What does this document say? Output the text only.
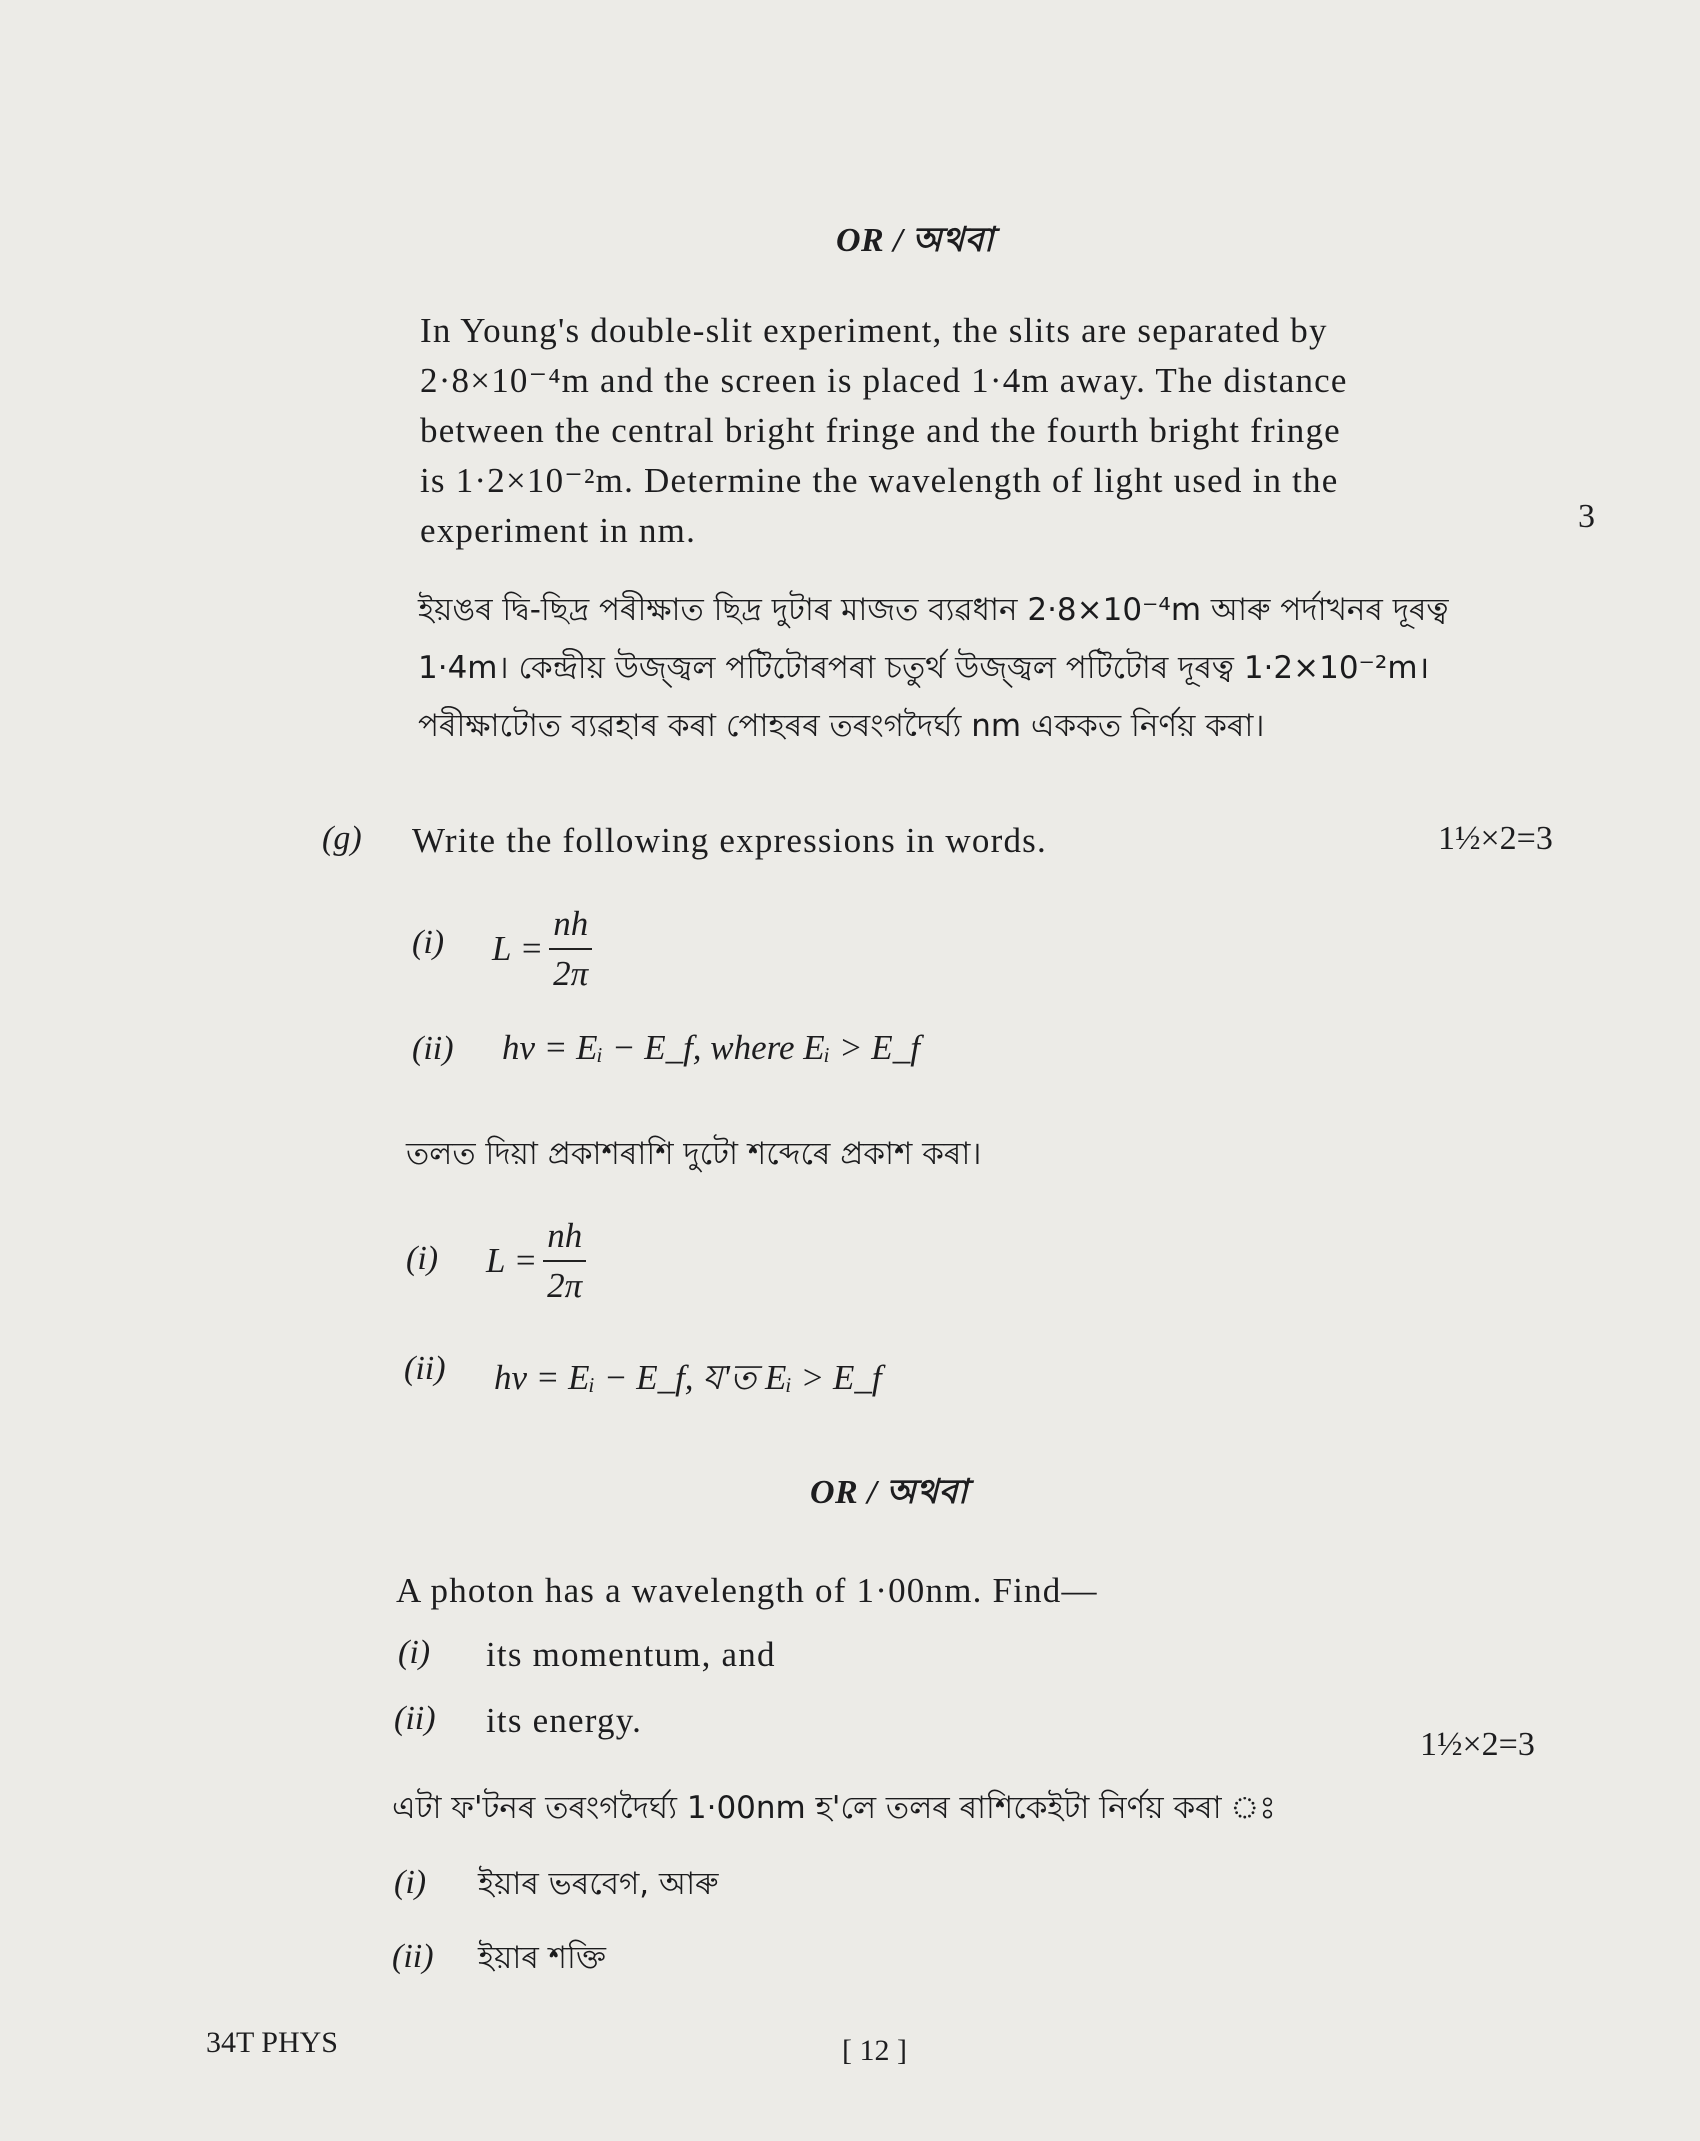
OR / অথবা
In Young's double-slit experiment, the slits are separated by
2·8×10⁻⁴m and the screen is placed 1·4m away. The distance
between the central bright fringe and the fourth bright fringe
is 1·2×10⁻²m. Determine the wavelength of light used in the
experiment in nm.	3
ইয়ঙৰ দ্বি-ছিদ্র পৰীক্ষাত ছিদ্র দুটাৰ মাজত ব্যৱধান 2·8×10⁻⁴m আৰু পৰ্দাখনৰ দূৰত্ব
1·4m। কেন্দ্ৰীয় উজ্জ্বল পটিটোৰপৰা চতুৰ্থ উজ্জ্বল পটিটোৰ দূৰত্ব 1·2×10⁻²m।
পৰীক্ষাটোত ব্যৱহাৰ কৰা পোহৰৰ তৰংগদৈৰ্ঘ্য nm এককত নিৰ্ণয় কৰা।
(g) Write the following expressions in words.	1½×2=3
(i) $L = \frac{nh}{2\pi}$
(ii) hν = Eᵢ − E_f, where Eᵢ > E_f
তলত দিয়া প্ৰকাশৰাশি দুটো শব্দেৰে প্ৰকাশ কৰা।
(i) $L = \frac{nh}{2\pi}$
(ii) hν = Eᵢ − E_f, য'ত Eᵢ > E_f
OR / অথবা
A photon has a wavelength of 1·00nm. Find—
(i) its momentum, and
(ii) its energy.
1½×2=3
এটা ফ'টনৰ তৰংগদৈৰ্ঘ্য 1·00nm হ'লে তলৰ ৰাশিকেইটা নিৰ্ণয় কৰা ঃ
(i) ইয়াৰ ভৰবেগ, আৰু
(ii) ইয়াৰ শক্তি
34T PHYS	[ 12 ]
